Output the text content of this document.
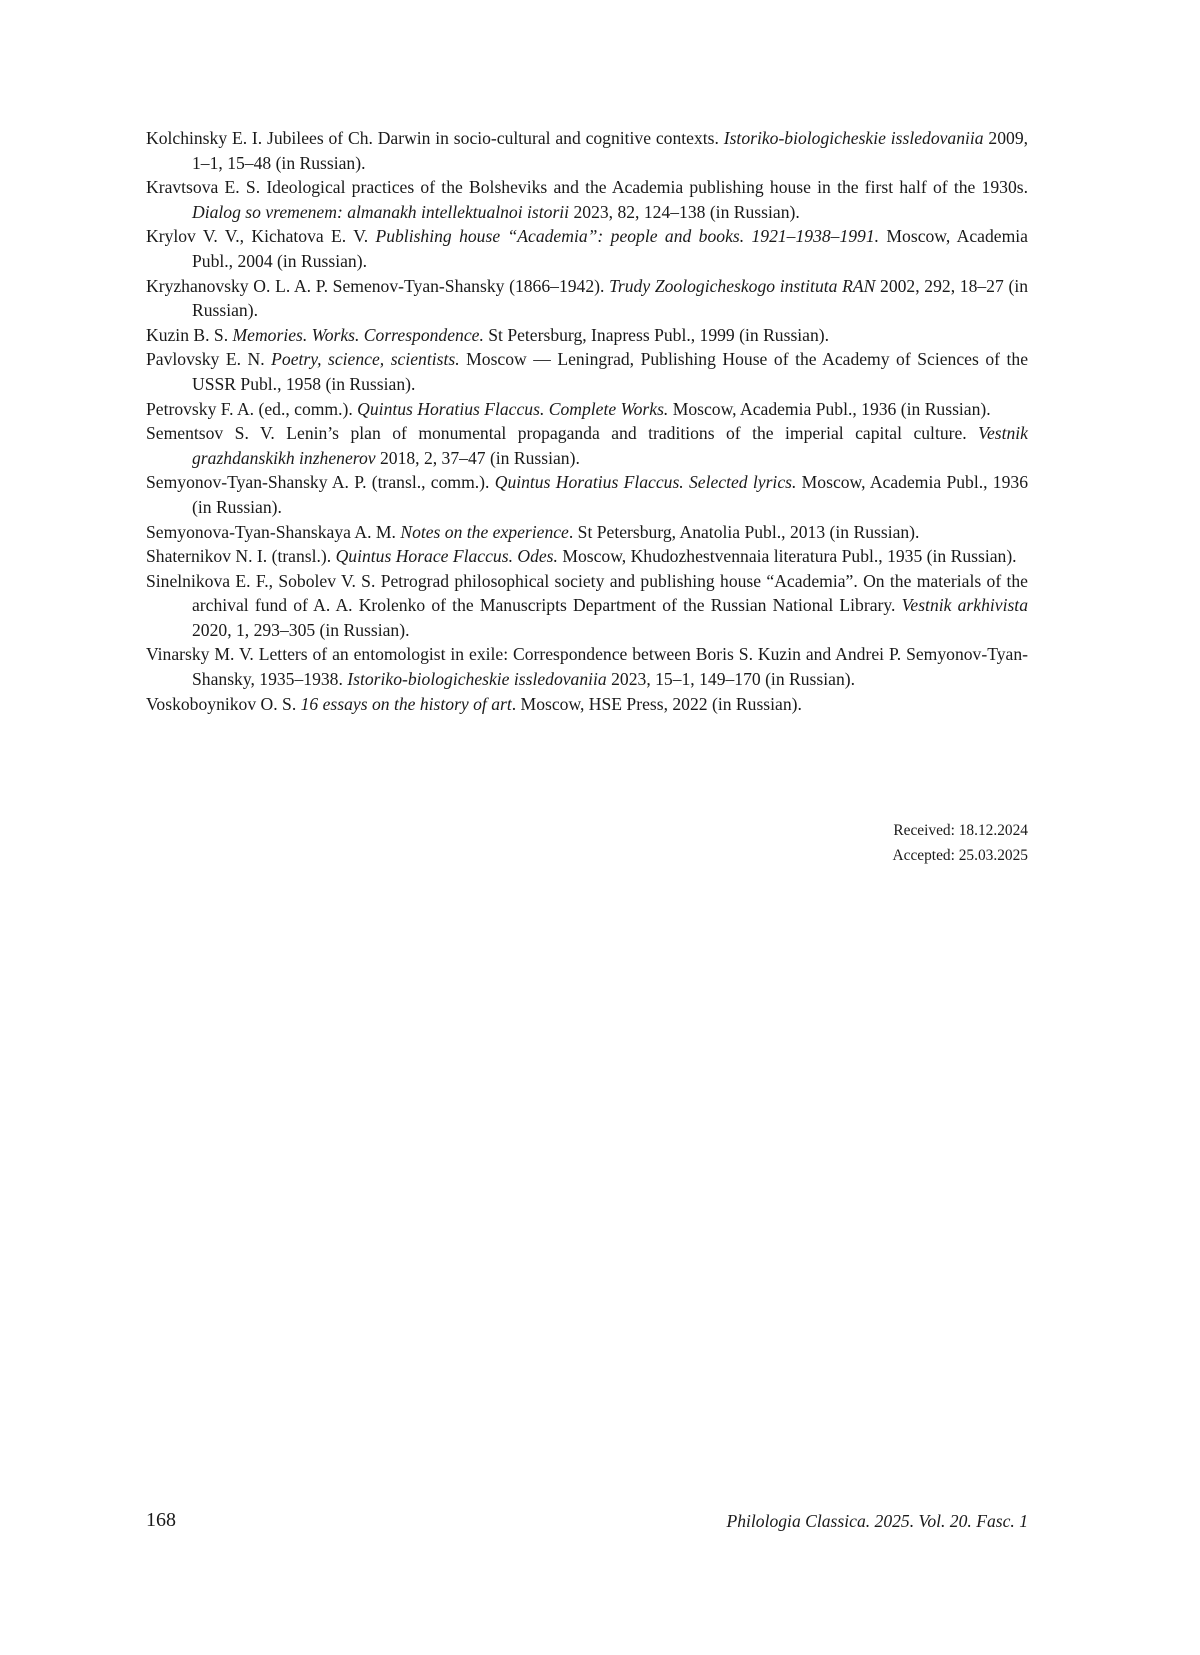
Kolchinsky E. I. Jubilees of Ch. Darwin in socio-cultural and cognitive contexts. Istoriko-biologicheskie issledovaniia 2009, 1–1, 15–48 (in Russian).

Kravtsova E. S. Ideological practices of the Bolsheviks and the Academia publishing house in the first half of the 1930s. Dialog so vremenem: almanakh intellektualnoi istorii 2023, 82, 124–138 (in Russian).

Krylov V. V., Kichatova E. V. Publishing house “Academia”: people and books. 1921–1938–1991. Moscow, Academia Publ., 2004 (in Russian).

Kryzhanovsky O. L. A. P. Semenov-Tyan-Shansky (1866–1942). Trudy Zoologicheskogo instituta RAN 2002, 292, 18–27 (in Russian).

Kuzin B. S. Memories. Works. Correspondence. St Petersburg, Inapress Publ., 1999 (in Russian).

Pavlovsky E. N. Poetry, science, scientists. Moscow — Leningrad, Publishing House of the Academy of Sciences of the USSR Publ., 1958 (in Russian).

Petrovsky F. A. (ed., comm.). Quintus Horatius Flaccus. Complete Works. Moscow, Academia Publ., 1936 (in Russian).

Sementsov S. V. Lenin’s plan of monumental propaganda and traditions of the imperial capital culture. Vestnik grazhdanskikh inzhenerov 2018, 2, 37–47 (in Russian).

Semyonov-Tyan-Shansky A. P. (transl., comm.). Quintus Horatius Flaccus. Selected lyrics. Moscow, Academia Publ., 1936 (in Russian).

Semyonova-Tyan-Shanskaya A. M. Notes on the experience. St Petersburg, Anatolia Publ., 2013 (in Russian).

Shaternikov N. I. (transl.). Quintus Horace Flaccus. Odes. Moscow, Khudozhestvennaia literatura Publ., 1935 (in Russian).

Sinelnikova E. F., Sobolev V. S. Petrograd philosophical society and publishing house “Academia”. On the materials of the archival fund of A. A. Krolenko of the Manuscripts Department of the Russian National Library. Vestnik arkhivista 2020, 1, 293–305 (in Russian).

Vinarsky M. V. Letters of an entomologist in exile: Correspondence between Boris S. Kuzin and Andrei P. Semyonov-Tyan-Shansky, 1935–1938. Istoriko-biologicheskie issledovaniia 2023, 15–1, 149–170 (in Russian).

Voskoboynikov O. S. 16 essays on the history of art. Moscow, HSE Press, 2022 (in Russian).

Received: 18.12.2024
Accepted: 25.03.2025
168	Philologia Classica. 2025. Vol. 20. Fasc. 1
